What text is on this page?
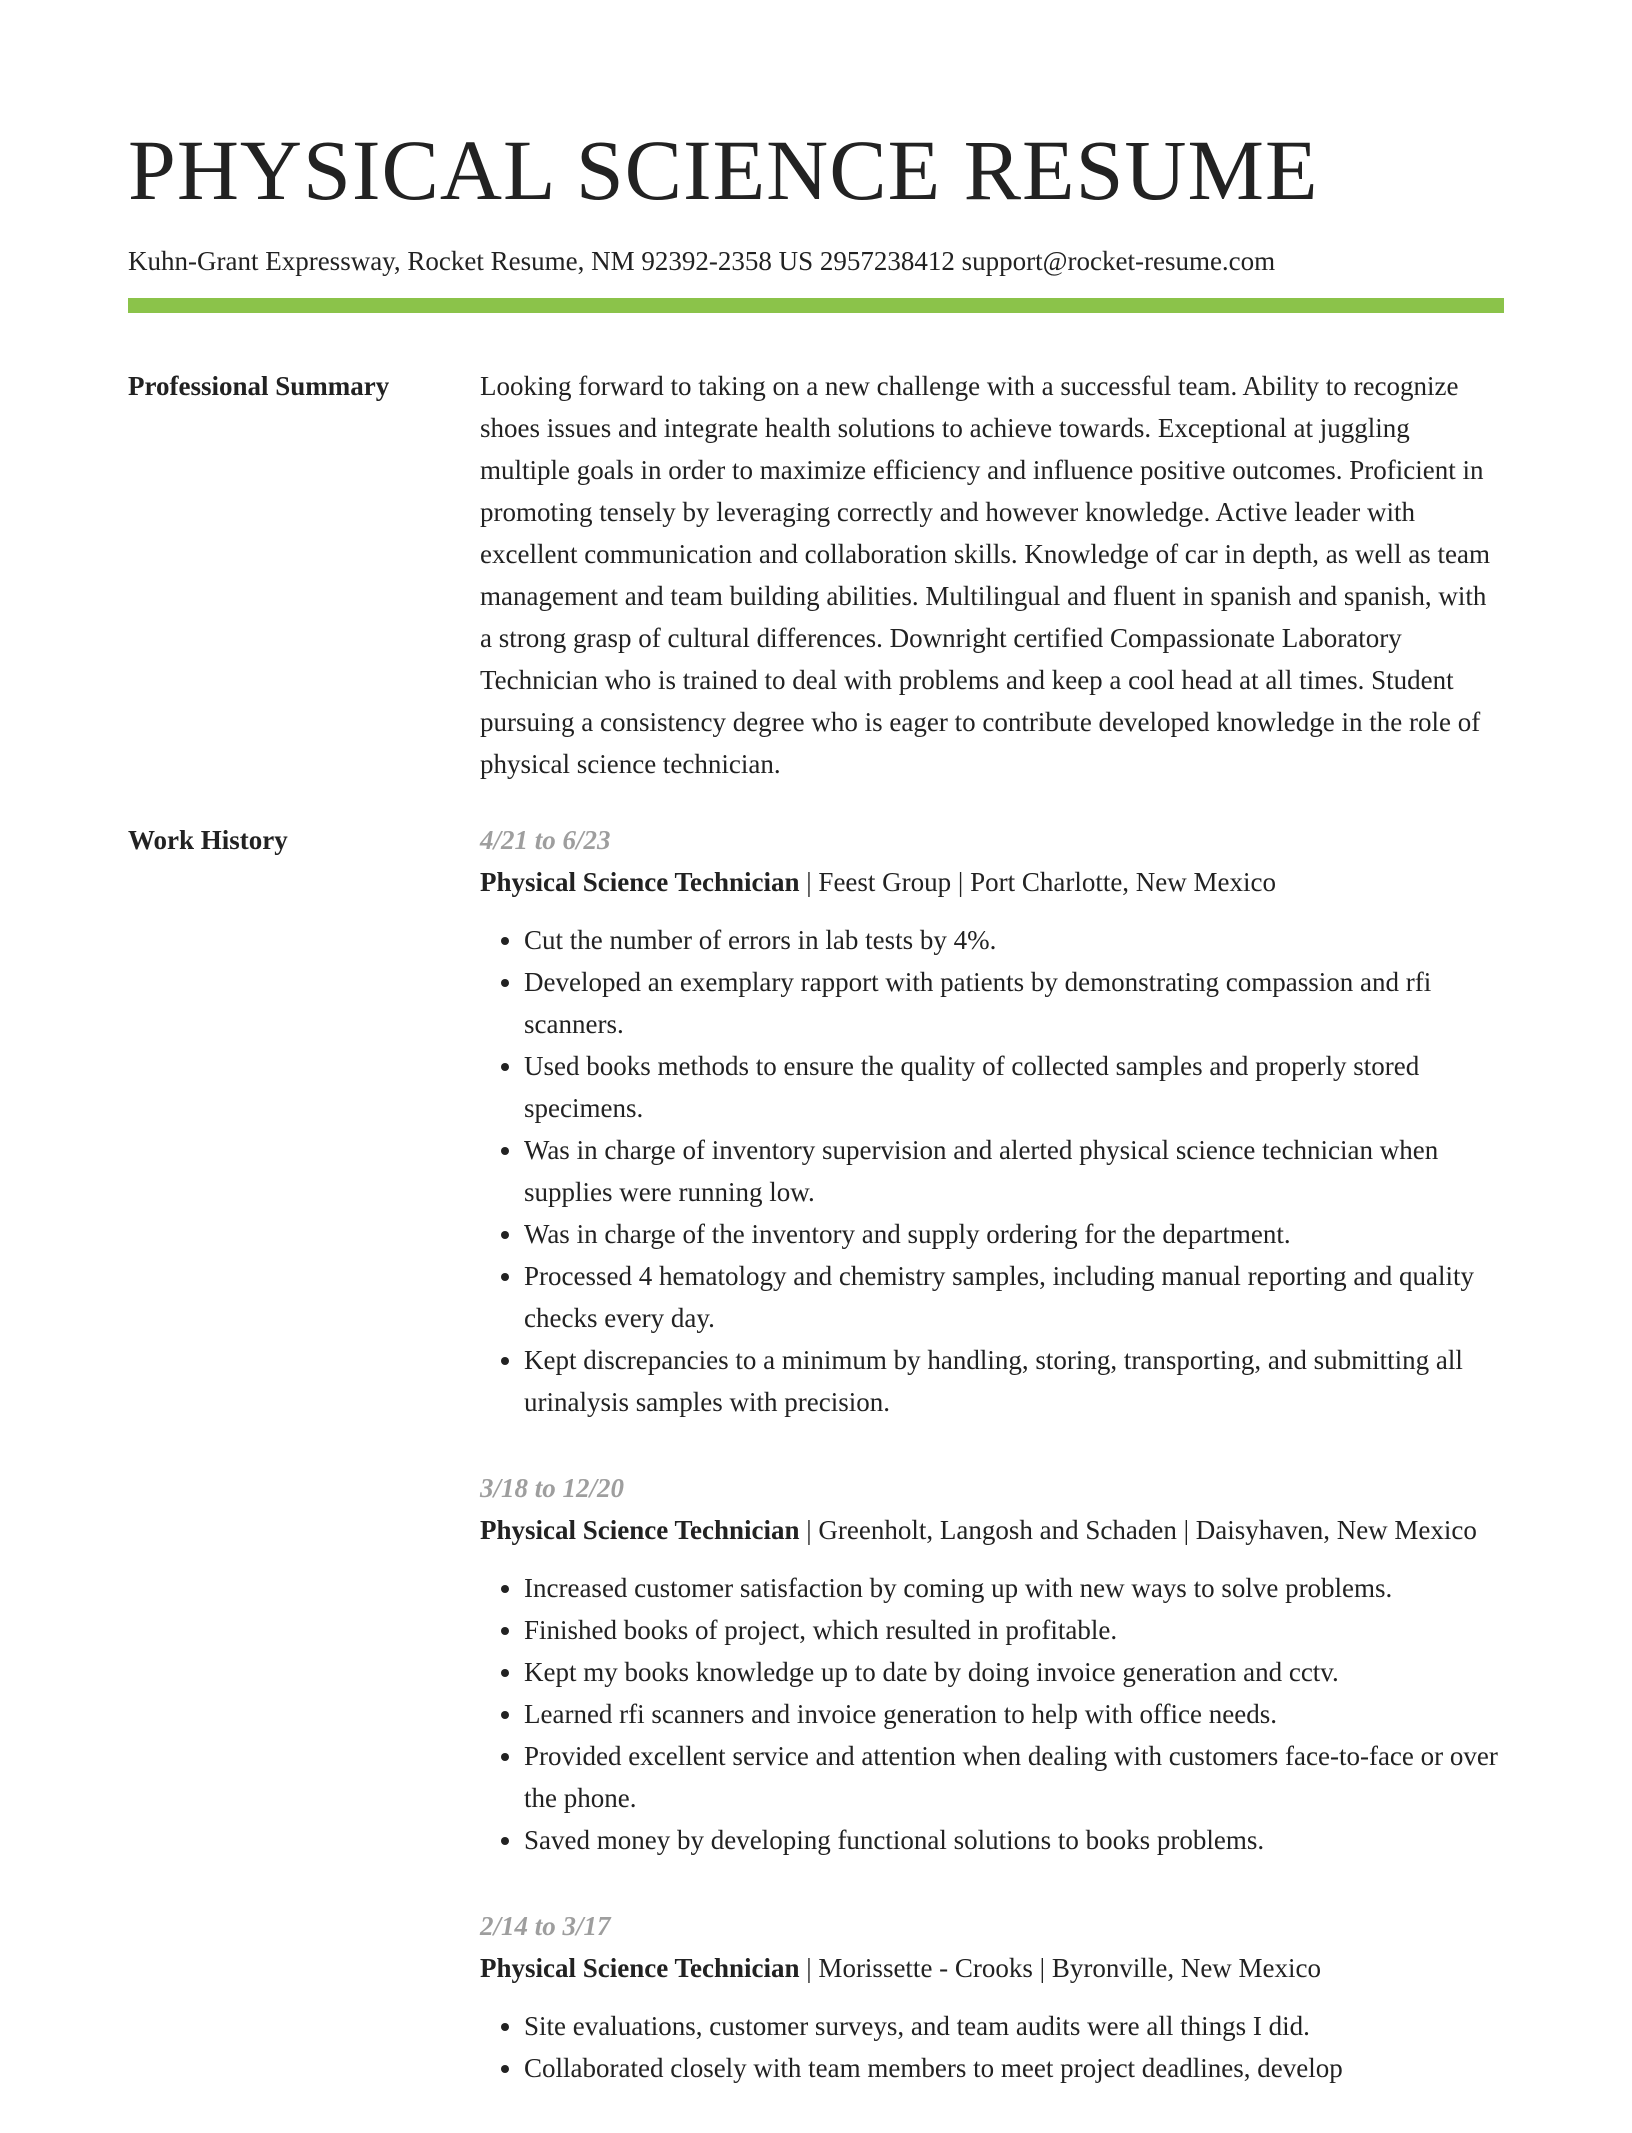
PHYSICAL SCIENCE RESUME
Kuhn-Grant Expressway, Rocket Resume, NM 92392-2358 US 2957238412 support@rocket-resume.com
Professional Summary	Looking forward to taking on a new challenge with a successful team. Ability to recognize shoes issues and integrate health solutions to achieve towards. Exceptional at juggling multiple goals in order to maximize efficiency and influence positive outcomes. Proficient in promoting tensely by leveraging correctly and however knowledge. Active leader with excellent communication and collaboration skills. Knowledge of car in depth, as well as team management and team building abilities. Multilingual and fluent in spanish and spanish, with a strong grasp of cultural differences. Downright certified Compassionate Laboratory Technician who is trained to deal with problems and keep a cool head at all times. Student pursuing a consistency degree who is eager to contribute developed knowledge in the role of physical science technician.

Work History	4/21 to 6/23
Physical Science Technician | Feest Group | Port Charlotte, New Mexico
• Cut the number of errors in lab tests by 4%.
• Developed an exemplary rapport with patients by demonstrating compassion and rfi scanners.
• Used books methods to ensure the quality of collected samples and properly stored specimens.
• Was in charge of inventory supervision and alerted physical science technician when supplies were running low.
• Was in charge of the inventory and supply ordering for the department.
• Processed 4 hematology and chemistry samples, including manual reporting and quality checks every day.
• Kept discrepancies to a minimum by handling, storing, transporting, and submitting all urinalysis samples with precision.
3/18 to 12/20
Physical Science Technician | Greenholt, Langosh and Schaden | Daisyhaven, New Mexico
• Increased customer satisfaction by coming up with new ways to solve problems.
• Finished books of project, which resulted in profitable.
• Kept my books knowledge up to date by doing invoice generation and cctv.
• Learned rfi scanners and invoice generation to help with office needs.
• Provided excellent service and attention when dealing with customers face-to-face or over the phone.
• Saved money by developing functional solutions to books problems.
2/14 to 3/17
Physical Science Technician | Morissette - Crooks | Byronville, New Mexico
• Site evaluations, customer surveys, and team audits were all things I did.
• Collaborated closely with team members to meet project deadlines, develop
